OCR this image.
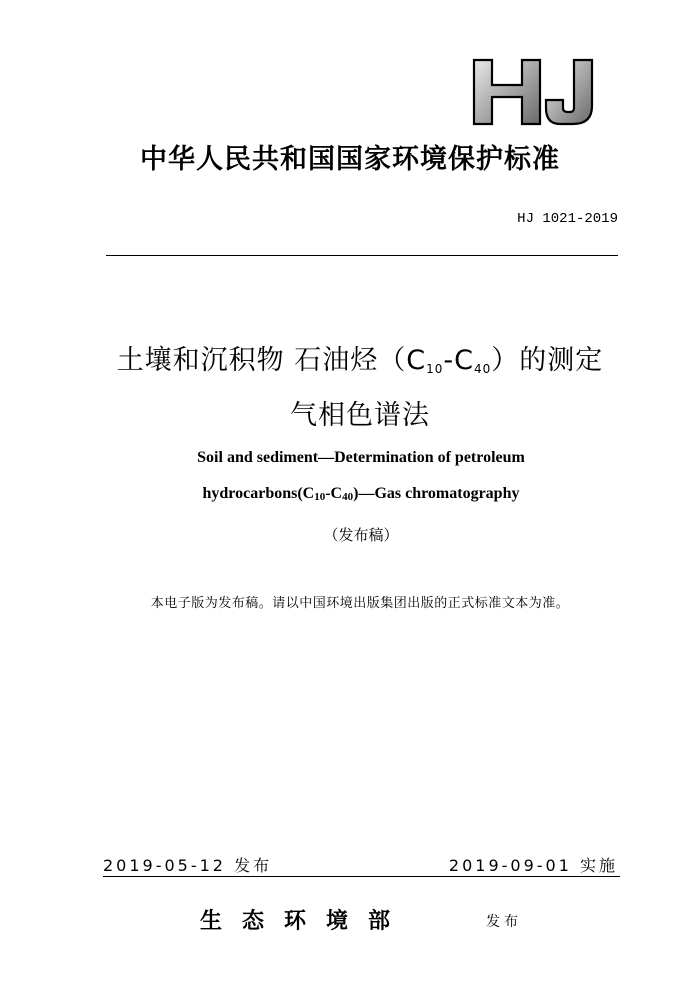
中华人民共和国国家环境保护标准
HJ 1021-2019
土壤和沉积物 石油烃$(C_{10}-C_{40})$的测定
气相色谱法
Soil and sediment—Determination of petroleum
hydrocarbons(C10-C40)—Gas chromatography
（发布稿）
本电子版为发布稿。请以中国环境出版集团出版的正式标准文本为准。
2019-05-12 发布	2019-09-01 实施
生态环境部	发布
